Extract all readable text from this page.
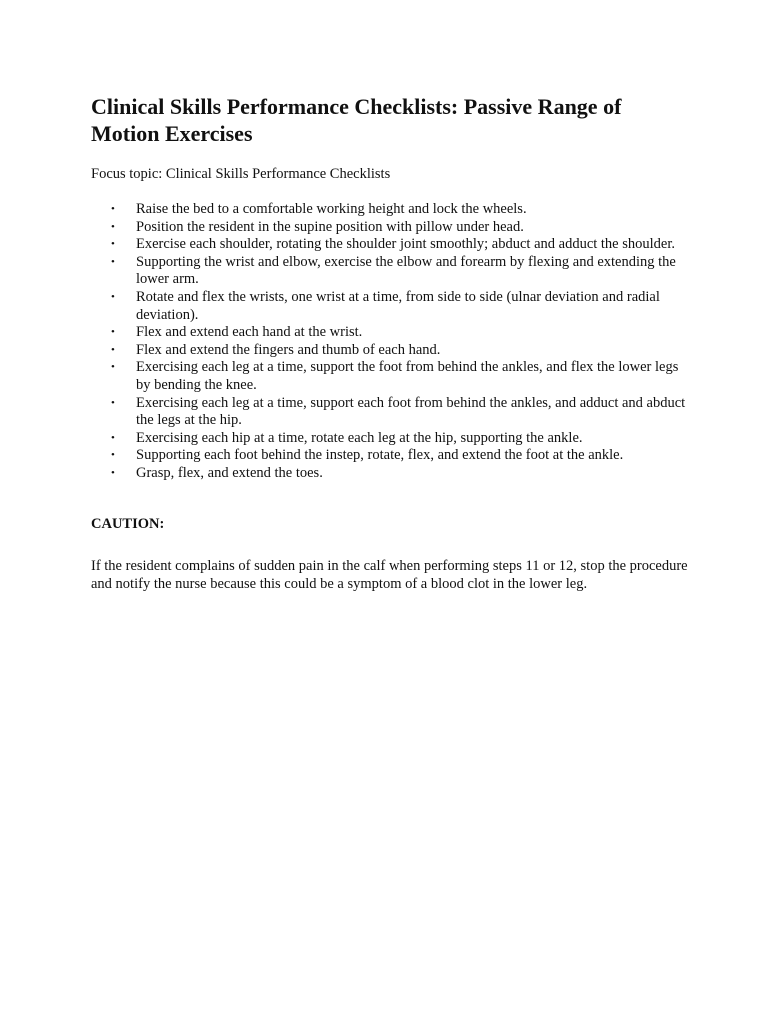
Clinical Skills Performance Checklists: Passive Range of Motion Exercises

Focus topic: Clinical Skills Performance Checklists

• Raise the bed to a comfortable working height and lock the wheels.
• Position the resident in the supine position with pillow under head.
• Exercise each shoulder, rotating the shoulder joint smoothly; abduct and adduct the shoulder.
• Supporting the wrist and elbow, exercise the elbow and forearm by flexing and extending the lower arm.
• Rotate and flex the wrists, one wrist at a time, from side to side (ulnar deviation and radial deviation).
• Flex and extend each hand at the wrist.
• Flex and extend the fingers and thumb of each hand.
• Exercising each leg at a time, support the foot from behind the ankles, and flex the lower legs by bending the knee.
• Exercising each leg at a time, support each foot from behind the ankles, and adduct and abduct the legs at the hip.
• Exercising each hip at a time, rotate each leg at the hip, supporting the ankle.
• Supporting each foot behind the instep, rotate, flex, and extend the foot at the ankle.
• Grasp, flex, and extend the toes.

CAUTION:

If the resident complains of sudden pain in the calf when performing steps 11 or 12, stop the procedure and notify the nurse because this could be a symptom of a blood clot in the lower leg.
